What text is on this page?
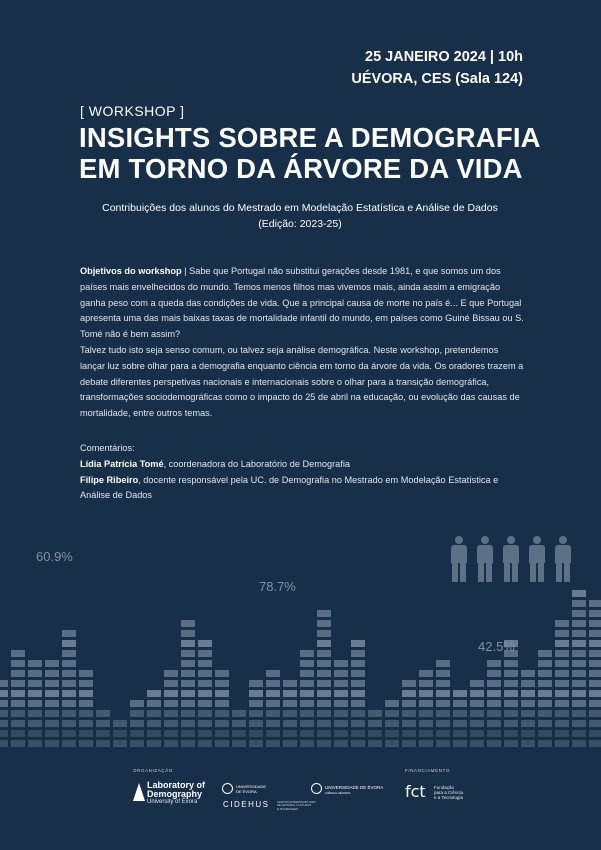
25 JANEIRO 2024 | 10h
UÉVORA, CES (Sala 124)
[ WORKSHOP ]
INSIGHTS SOBRE A DEMOGRAFIA
EM TORNO DA ÁRVORE DA VIDA
Contribuições dos alunos do Mestrado em Modelação Estatística e Análise de Dados
(Edição: 2023-25)
Objetivos do workshop | Sabe que Portugal não substitui gerações desde 1981, e que somos um dos países mais envelhecidos do mundo. Temos menos filhos mas vivemos mais, ainda assim a emigração ganha peso com a queda das condições de vida. Que a principal causa de morte no país é... E que Portugal apresenta uma das mais baixas taxas de mortalidade infantil do mundo, em países como Guiné Bissau ou S. Tomé não é bem assim?
Talvez tudo isto seja senso comum, ou talvez seja análise demográfica. Neste workshop, pretendemos lançar luz sobre olhar para a demografia enquanto ciência em torno da árvore da vida. Os oradores trazem a debate diferentes perspetivas nacionais e internacionais sobre o olhar para a transição demográfica, transformações sociodemográficas como o impacto do 25 de abril na educação, ou evolução das causas de mortalidade, entre outros temas.
Comentários:
Lídia Patrícia Tomé, coordenadora do Laboratório de Demografia
Filipe Ribeiro, docente responsável pela UC. de Demografia no Mestrado em Modelação Estatística e Análise de Dados
60.9%
78.7%
42.5%
ORGANIZAÇÃO	FINANCIAMENTO
Laboratory of
Demography
University of Évora
UNIVERSIDADE
DE ÉVORA
CIDEHUS	CENTRO INTERDISCIPLINAR
DE HISTÓRIA, CULTURAS
E SOCIEDADES
UNIVERSIDADE DE ÉVORA
CIÊNCIA UÉVORA	fct Fundação
para a Ciência
e a Tecnologia
